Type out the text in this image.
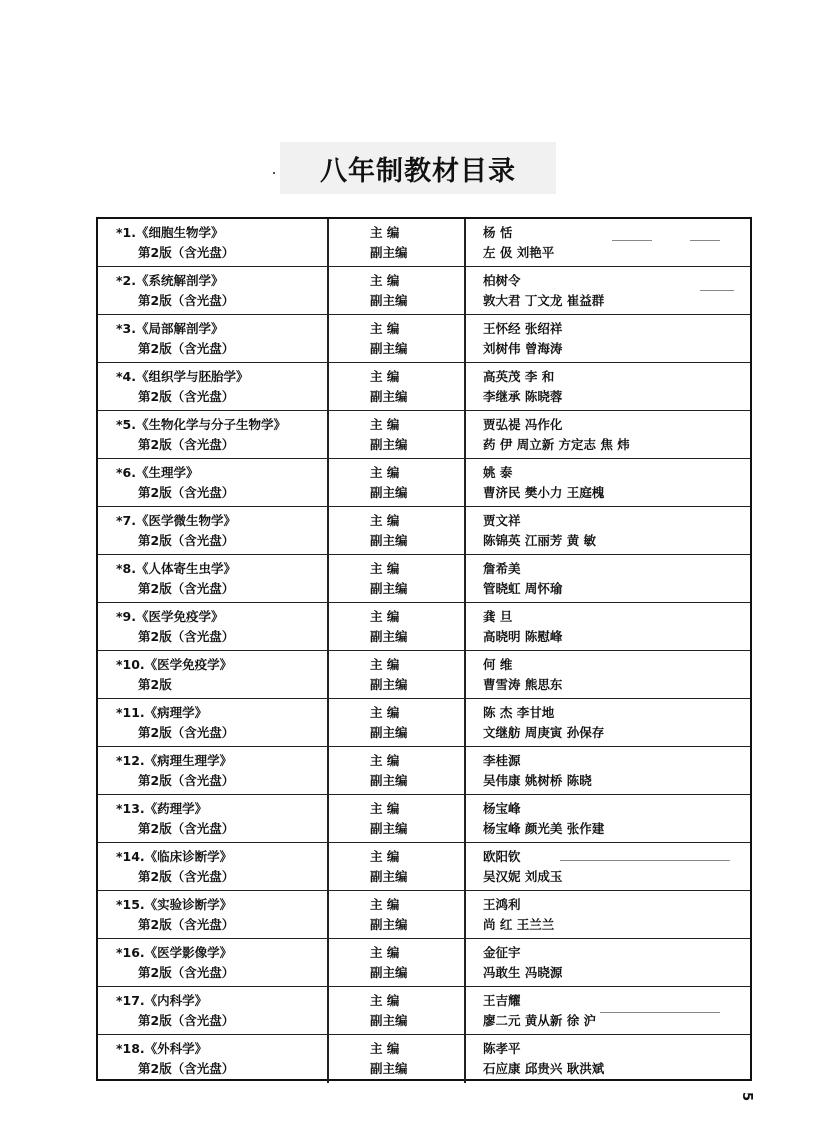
八年制教材目录
*1.《细胞生物学》
第2版（含光盘）
主 编
副主编
杨 恬
左 伋 刘艳平
*2.《系统解剖学》
第2版（含光盘）
主 编
副主编
柏树令
敦大君 丁文龙 崔益群
*3.《局部解剖学》
第2版（含光盘）
主 编
副主编
王怀经 张绍祥
刘树伟 曾海涛
*4.《组织学与胚胎学》
第2版（含光盘）
主 编
副主编
高英茂 李 和
李继承 陈晓蓉
*5.《生物化学与分子生物学》
第2版（含光盘）
主 编
副主编
贾弘禔 冯作化
药 伊 周立新 方定志 焦 炜
*6.《生理学》
第2版（含光盘）
主 编
副主编
姚 泰
曹济民 樊小力 王庭槐
*7.《医学微生物学》
第2版（含光盘）
主 编
副主编
贾文祥
陈锦英 江丽芳 黄 敏
*8.《人体寄生虫学》
第2版（含光盘）
主 编
副主编
詹希美
管晓虹 周怀瑜
*9.《医学免疫学》
第2版（含光盘）
主 编
副主编
龚 旦
高晓明 陈慰峰
*10.《医学免疫学》
第2版
主 编
副主编
何 维
曹雪涛 熊思东
*11.《病理学》
第2版（含光盘）
主 编
副主编
陈 杰 李甘地
文继舫 周庚寅 孙保存
*12.《病理生理学》
第2版（含光盘）
主 编
副主编
李桂源
吴伟康 姚树桥 陈晓
*13.《药理学》
第2版（含光盘）
主 编
副主编
杨宝峰
杨宝峰 颜光美 张作建
*14.《临床诊断学》
第2版（含光盘）
主 编
副主编
欧阳钦
吴汉妮 刘成玉
*15.《实验诊断学》
第2版（含光盘）
主 编
副主编
王鸿利
尚 红 王兰兰
*16.《医学影像学》
第2版（含光盘）
主 编
副主编
金征宇
冯敢生 冯晓源
*17.《内科学》
第2版（含光盘）
主 编
副主编
王吉耀
廖二元 黄从新 徐 沪
*18.《外科学》
第2版（含光盘）
主 编
副主编
陈孝平
石应康 邱贵兴 耿洪斌
5
